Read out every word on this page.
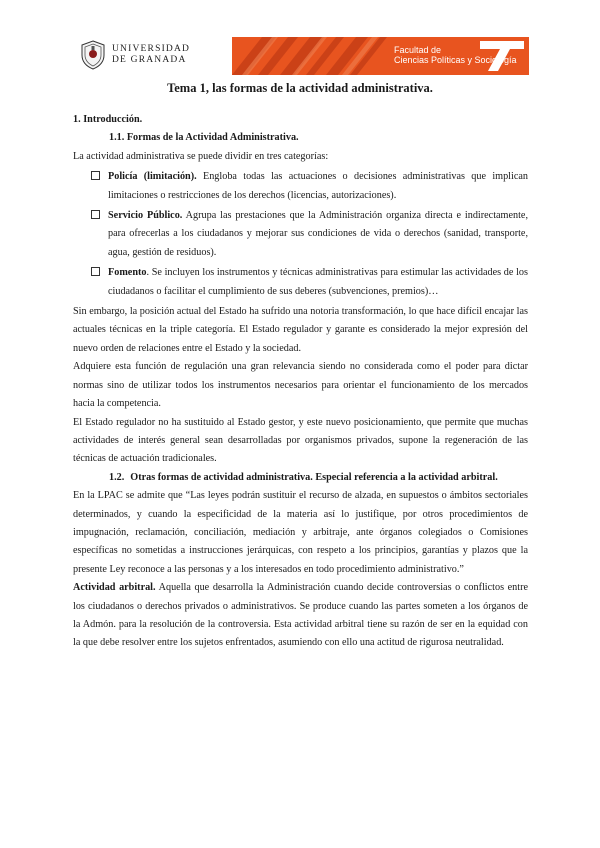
UNIVERSIDAD
DE GRANADA
Facultad de
Ciencias Políticas y Sociología
Tema 1, las formas de la actividad administrativa.

1. Introducción.

1.1. Formas de la Actividad Administrativa.

La actividad administrativa se puede dividir en tres categorías:

Policía (limitación). Engloba todas las actuaciones o decisiones administrativas que implican limitaciones o restricciones de los derechos (licencias, autorizaciones).
Servicio Público. Agrupa las prestaciones que la Administración organiza directa e indirectamente, para ofrecerlas a los ciudadanos y mejorar sus condiciones de vida o derechos (sanidad, transporte, agua, gestión de residuos).
Fomento. Se incluyen los instrumentos y técnicas administrativas para estimular las actividades de los ciudadanos o facilitar el cumplimiento de sus deberes (subvenciones, premios)…

Sin embargo, la posición actual del Estado ha sufrido una notoria transformación, lo que hace difícil encajar las actuales técnicas en la triple categoría. El Estado regulador y garante es considerado la mejor expresión del nuevo orden de relaciones entre el Estado y la sociedad.

Adquiere esta función de regulación una gran relevancia siendo no considerada como el poder para dictar normas sino de utilizar todos los instrumentos necesarios para orientar el funcionamiento de los mercados hacia la competencia.

El Estado regulador no ha sustituido al Estado gestor, y este nuevo posicionamiento, que permite que muchas actividades de interés general sean desarrolladas por organismos privados, supone la regeneración de las técnicas de actuación tradicionales.

1.2. Otras formas de actividad administrativa. Especial referencia a la actividad arbitral.

En la LPAC se admite que “Las leyes podrán sustituir el recurso de alzada, en supuestos o ámbitos sectoriales determinados, y cuando la especificidad de la materia así lo justifique, por otros procedimientos de impugnación, reclamación, conciliación, mediación y arbitraje, ante órganos colegiados o Comisiones específicas no sometidas a instrucciones jerárquicas, con respeto a los principios, garantías y plazos que la presente Ley reconoce a las personas y a los interesados en todo procedimiento administrativo.”

Actividad arbitral. Aquella que desarrolla la Administración cuando decide controversias o conflictos entre los ciudadanos o derechos privados o administrativos. Se produce cuando las partes someten a los órganos de la Admón. para la resolución de la controversia. Esta actividad arbitral tiene su razón de ser en la equidad con la que debe resolver entre los sujetos enfrentados, asumiendo con ello una actitud de rigurosa neutralidad.
